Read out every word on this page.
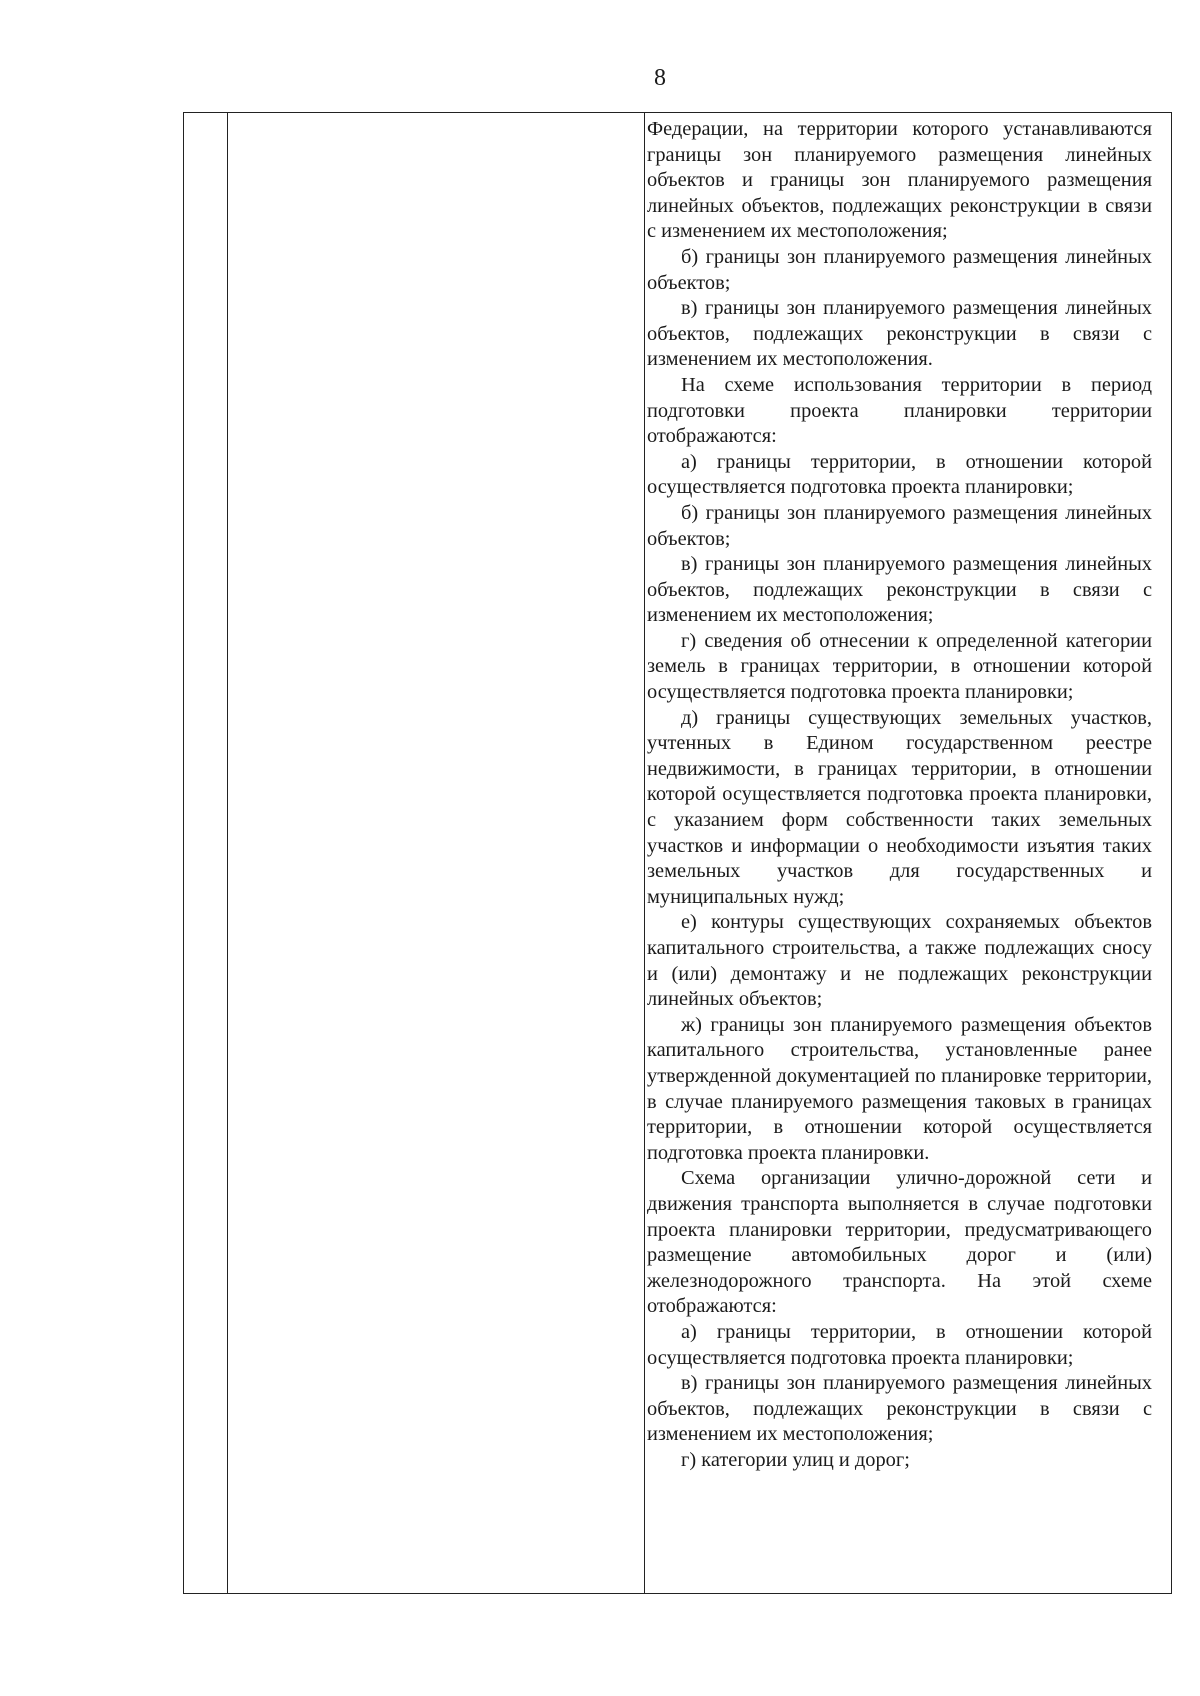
8

Федерации, на территории которого устанавливаются границы зон планируемого размещения линейных объектов и границы зон планируемого размещения линейных объектов, подлежащих реконструкции в связи с изменением их местоположения;

б) границы зон планируемого размещения линейных объектов;

в) границы зон планируемого размещения линейных объектов, подлежащих реконструкции в связи с изменением их местоположения.

На схеме использования территории в период подготовки проекта планировки территории отображаются:

а) границы территории, в отношении которой осуществляется подготовка проекта планировки;

б) границы зон планируемого размещения линейных объектов;

в) границы зон планируемого размещения линейных объектов, подлежащих реконструкции в связи с изменением их местоположения;

г) сведения об отнесении к определенной категории земель в границах территории, в отношении которой осуществляется подготовка проекта планировки;

д) границы существующих земельных участков, учтенных в Едином государственном реестре недвижимости, в границах территории, в отношении которой осуществляется подготовка проекта планировки, с указанием форм собственности таких земельных участков и информации о необходимости изъятия таких земельных участков для государственных и муниципальных нужд;

е) контуры существующих сохраняемых объектов капитального строительства, а также подлежащих сносу и (или) демонтажу и не подлежащих реконструкции линейных объектов;

ж) границы зон планируемого размещения объектов капитального строительства, установленные ранее утвержденной документацией по планировке территории, в случае планируемого размещения таковых в границах территории, в отношении которой осуществляется подготовка проекта планировки.

Схема организации улично-дорожной сети и движения транспорта выполняется в случае подготовки проекта планировки территории, предусматривающего размещение автомобильных дорог и (или) железнодорожного транспорта. На этой схеме отображаются:

а) границы территории, в отношении которой осуществляется подготовка проекта планировки;

в) границы зон планируемого размещения линейных объектов, подлежащих реконструкции в связи с изменением их местоположения;

г) категории улиц и дорог;
